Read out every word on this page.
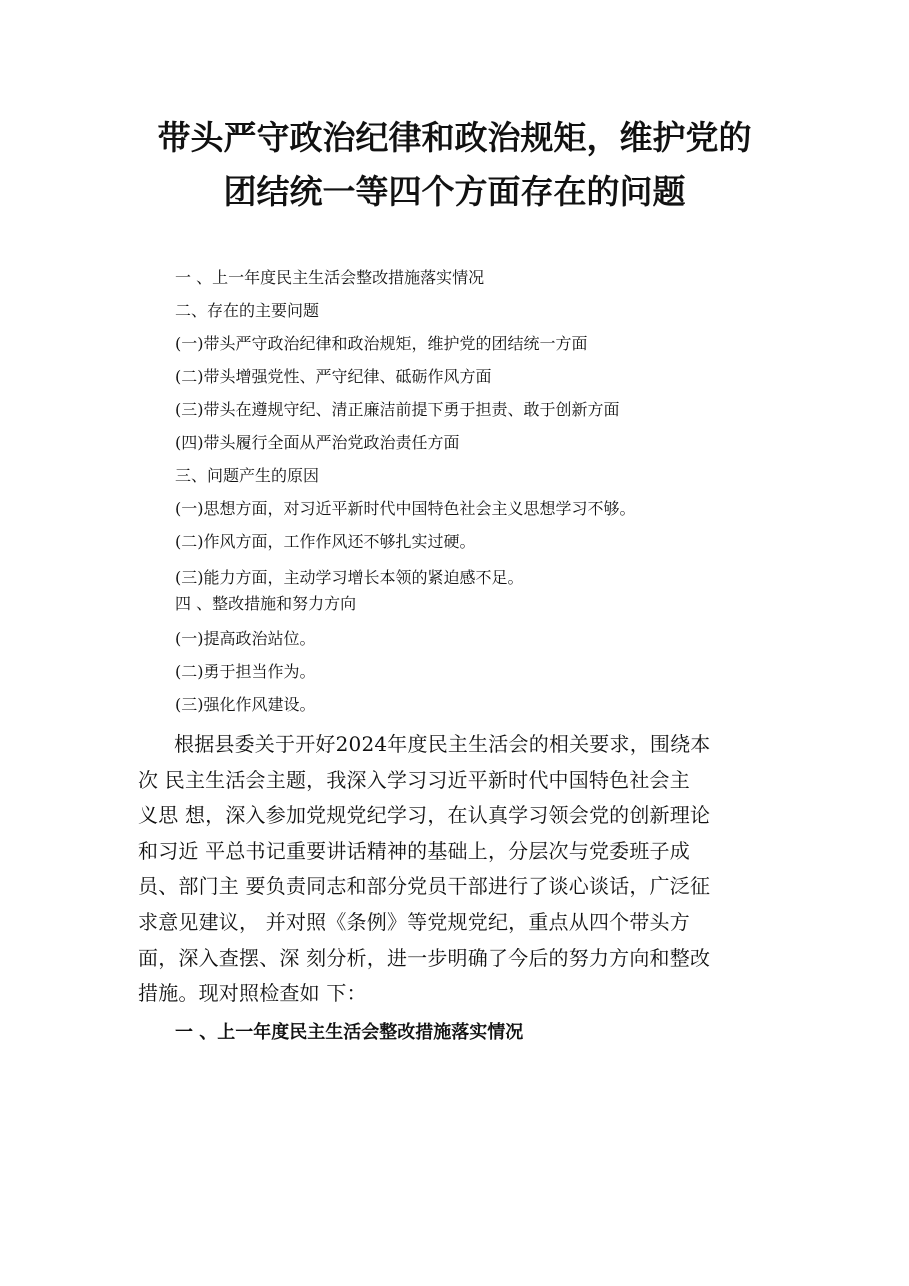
带头严守政治纪律和政治规矩，维护党的
团结统一等四个方面存在的问题
一 、上一年度民主生活会整改措施落实情况
二、存在的主要问题
(一)带头严守政治纪律和政治规矩，维护党的团结统一方面
(二)带头增强党性、严守纪律、砥砺作风方面
(三)带头在遵规守纪、清正廉洁前提下勇于担责、敢于创新方面
(四)带头履行全面从严治党政治责任方面
三、问题产生的原因
(一)思想方面，对习近平新时代中国特色社会主义思想学习不够。
(二)作风方面，工作作风还不够扎实过硬。
(三)能力方面，主动学习增长本领的紧迫感不足。
四 、整改措施和努力方向
(一)提高政治站位。
(二)勇于担当作为。
(三)强化作风建设。
根据县委关于开好2024年度民主生活会的相关要求，围绕本
次 民主生活会主题，我深入学习习近平新时代中国特色社会主
义思 想，深入参加党规党纪学习，在认真学习领会党的创新理论
和习近 平总书记重要讲话精神的基础上，分层次与党委班子成
员、部门主 要负责同志和部分党员干部进行了谈心谈话，广泛征
求意见建议， 并对照《条例》等党规党纪，重点从四个带头方
面，深入查摆、深 刻分析，进一步明确了今后的努力方向和整改
措施。现对照检查如 下：
一 、上一年度民主生活会整改措施落实情况
